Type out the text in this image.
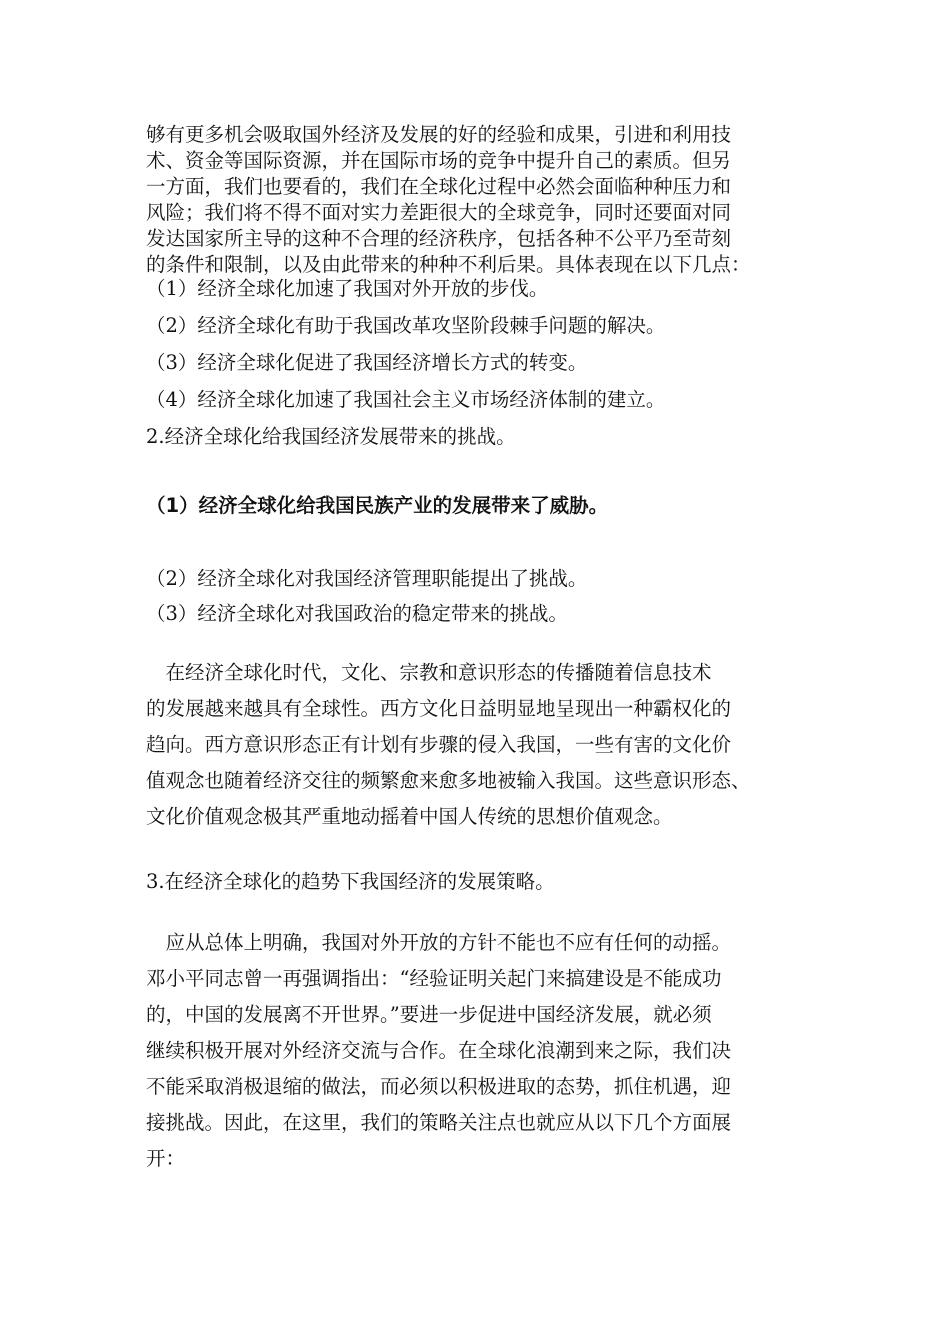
够有更多机会吸取国外经济及发展的好的经验和成果，引进和利用技
术、资金等国际资源，并在国际市场的竞争中提升自己的素质。但另
一方面，我们也要看的，我们在全球化过程中必然会面临种种压力和
风险；我们将不得不面对实力差距很大的全球竞争，同时还要面对同
发达国家所主导的这种不合理的经济秩序，包括各种不公平乃至苛刻
的条件和限制，以及由此带来的种种不利后果。具体表现在以下几点：
（1）经济全球化加速了我国对外开放的步伐。
（2）经济全球化有助于我国改革攻坚阶段棘手问题的解决。
（3）经济全球化促进了我国经济增长方式的转变。
（4）经济全球化加速了我国社会主义市场经济体制的建立。
2.经济全球化给我国经济发展带来的挑战。
（1）经济全球化给我国民族产业的发展带来了威胁。
（2）经济全球化对我国经济管理职能提出了挑战。
（3）经济全球化对我国政治的稳定带来的挑战。
　在经济全球化时代，文化、宗教和意识形态的传播随着信息技术
的发展越来越具有全球性。西方文化日益明显地呈现出一种霸权化的
趋向。西方意识形态正有计划有步骤的侵入我国，一些有害的文化价
值观念也随着经济交往的频繁愈来愈多地被输入我国。这些意识形态、
文化价值观念极其严重地动摇着中国人传统的思想价值观念。
3.在经济全球化的趋势下我国经济的发展策略。
　应从总体上明确，我国对外开放的方针不能也不应有任何的动摇。
邓小平同志曾一再强调指出：“经验证明关起门来搞建设是不能成功
的，中国的发展离不开世界。”要进一步促进中国经济发展，就必须
继续积极开展对外经济交流与合作。在全球化浪潮到来之际，我们决
不能采取消极退缩的做法，而必须以积极进取的态势，抓住机遇，迎
接挑战。因此，在这里，我们的策略关注点也就应从以下几个方面展
开：
